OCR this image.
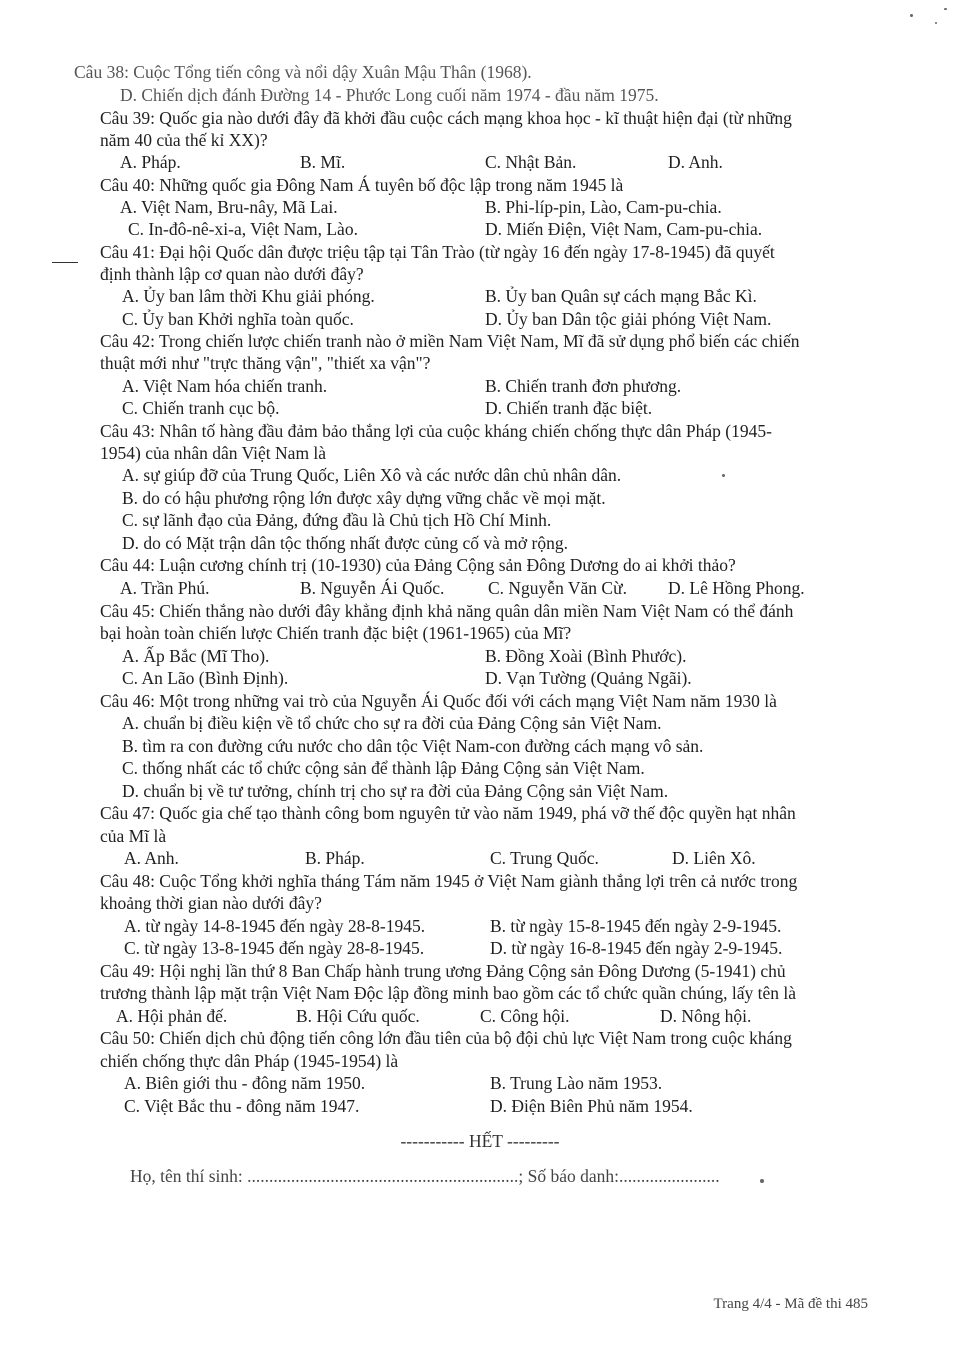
Câu 38: Cuộc Tổng tiến công và nổi dậy Xuân Mậu Thân (1968).
D. Chiến dịch đánh Đường 14 - Phước Long cuối năm 1974 - đầu năm 1975.
Câu 39: Quốc gia nào dưới đây đã khởi đầu cuộc cách mạng khoa học - kĩ thuật hiện đại (từ những
năm 40 của thế kỉ XX)?
A. Pháp.	B. Mĩ.	C. Nhật Bản.	D. Anh.
Câu 40: Những quốc gia Đông Nam Á tuyên bố độc lập trong năm 1945 là
A. Việt Nam, Bru-nây, Mã Lai.	B. Phi-líp-pin, Lào, Cam-pu-chia.
C. In-đô-nê-xi-a, Việt Nam, Lào.	D. Miến Điện, Việt Nam, Cam-pu-chia.
Câu 41: Đại hội Quốc dân được triệu tập tại Tân Trào (từ ngày 16 đến ngày 17-8-1945) đã quyết
định thành lập cơ quan nào dưới đây?
A. Ủy ban lâm thời Khu giải phóng.	B. Ủy ban Quân sự cách mạng Bắc Kì.
C. Ủy ban Khởi nghĩa toàn quốc.	D. Ủy ban Dân tộc giải phóng Việt Nam.
Câu 42: Trong chiến lược chiến tranh nào ở miền Nam Việt Nam, Mĩ đã sử dụng phổ biến các chiến
thuật mới như "trực thăng vận", "thiết xa vận"?
A. Việt Nam hóa chiến tranh.	B. Chiến tranh đơn phương.
C. Chiến tranh cục bộ.	D. Chiến tranh đặc biệt.
Câu 43: Nhân tố hàng đầu đảm bảo thắng lợi của cuộc kháng chiến chống thực dân Pháp (1945-
1954) của nhân dân Việt Nam là
A. sự giúp đỡ của Trung Quốc, Liên Xô và các nước dân chủ nhân dân.
B. do có hậu phương rộng lớn được xây dựng vững chắc về mọi mặt.
C. sự lãnh đạo của Đảng, đứng đầu là Chủ tịch Hồ Chí Minh.
D. do có Mặt trận dân tộc thống nhất được củng cố và mở rộng.
Câu 44: Luận cương chính trị (10-1930) của Đảng Cộng sản Đông Dương do ai khởi thảo?
A. Trần Phú.	B. Nguyễn Ái Quốc. C. Nguyễn Văn Cừ. D. Lê Hồng Phong.
Câu 45: Chiến thắng nào dưới đây khẳng định khả năng quân dân miền Nam Việt Nam có thể đánh
bại hoàn toàn chiến lược Chiến tranh đặc biệt (1961-1965) của Mĩ?
A. Ấp Bắc (Mĩ Tho).	B. Đồng Xoài (Bình Phước).
C. An Lão (Bình Định).	D. Vạn Tường (Quảng Ngãi).
Câu 46: Một trong những vai trò của Nguyễn Ái Quốc đối với cách mạng Việt Nam năm 1930 là
A. chuẩn bị điều kiện về tổ chức cho sự ra đời của Đảng Cộng sản Việt Nam.
B. tìm ra con đường cứu nước cho dân tộc Việt Nam-con đường cách mạng vô sản.
C. thống nhất các tổ chức cộng sản để thành lập Đảng Cộng sản Việt Nam.
D. chuẩn bị về tư tưởng, chính trị cho sự ra đời của Đảng Cộng sản Việt Nam.
Câu 47: Quốc gia chế tạo thành công bom nguyên tử vào năm 1949, phá vỡ thế độc quyền hạt nhân
của Mĩ là
A. Anh.	B. Pháp.	C. Trung Quốc.	D. Liên Xô.
Câu 48: Cuộc Tổng khởi nghĩa tháng Tám năm 1945 ở Việt Nam giành thắng lợi trên cả nước trong
khoảng thời gian nào dưới đây?
A. từ ngày 14-8-1945 đến ngày 28-8-1945.	B. từ ngày 15-8-1945 đến ngày 2-9-1945.
C. từ ngày 13-8-1945 đến ngày 28-8-1945.	D. từ ngày 16-8-1945 đến ngày 2-9-1945.
Câu 49: Hội nghị lần thứ 8 Ban Chấp hành trung ương Đảng Cộng sản Đông Dương (5-1941) chủ
trương thành lập mặt trận Việt Nam Độc lập đồng minh bao gồm các tổ chức quần chúng, lấy tên là
A. Hội phản đế.	B. Hội Cứu quốc.	C. Công hội.	D. Nông hội.
Câu 50: Chiến dịch chủ động tiến công lớn đầu tiên của bộ đội chủ lực Việt Nam trong cuộc kháng
chiến chống thực dân Pháp (1945-1954) là
A. Biên giới thu - đông năm 1950.	B. Trung Lào năm 1953.
C. Việt Bắc thu - đông năm 1947.	D. Điện Biên Phủ năm 1954.
----------- HẾT ---------
Họ, tên thí sinh: ..............................................................; Số báo danh:.......................
Trang 4/4 - Mã đề thi 485
